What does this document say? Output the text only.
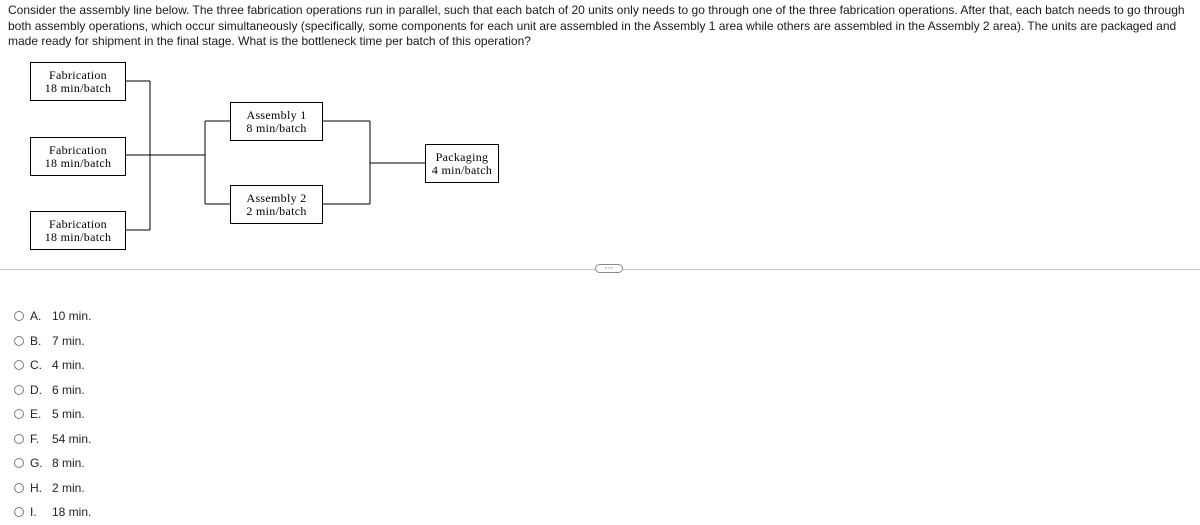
Consider the assembly line below. The three fabrication operations run in parallel, such that each batch of 20 units only needs to go through one of the three fabrication operations. After that, each batch needs to go through both assembly operations, which occur simultaneously (specifically, some components for each unit are assembled in the Assembly 1 area while others are assembled in the Assembly 2 area). The units are packaged and made ready for shipment in the final stage. What is the bottleneck time per batch of this operation?
Fabrication
18 min/batch
Fabrication
18 min/batch
Fabrication
18 min/batch
Assembly 1
8 min/batch
Assembly 2
2 min/batch
Packaging
4 min/batch
···
A. 10 min.
B. 7 min.
C. 4 min.
D. 6 min.
E. 5 min.
F.	54 min.
G. 8 min.
H. 2 min.
I.	18 min.
